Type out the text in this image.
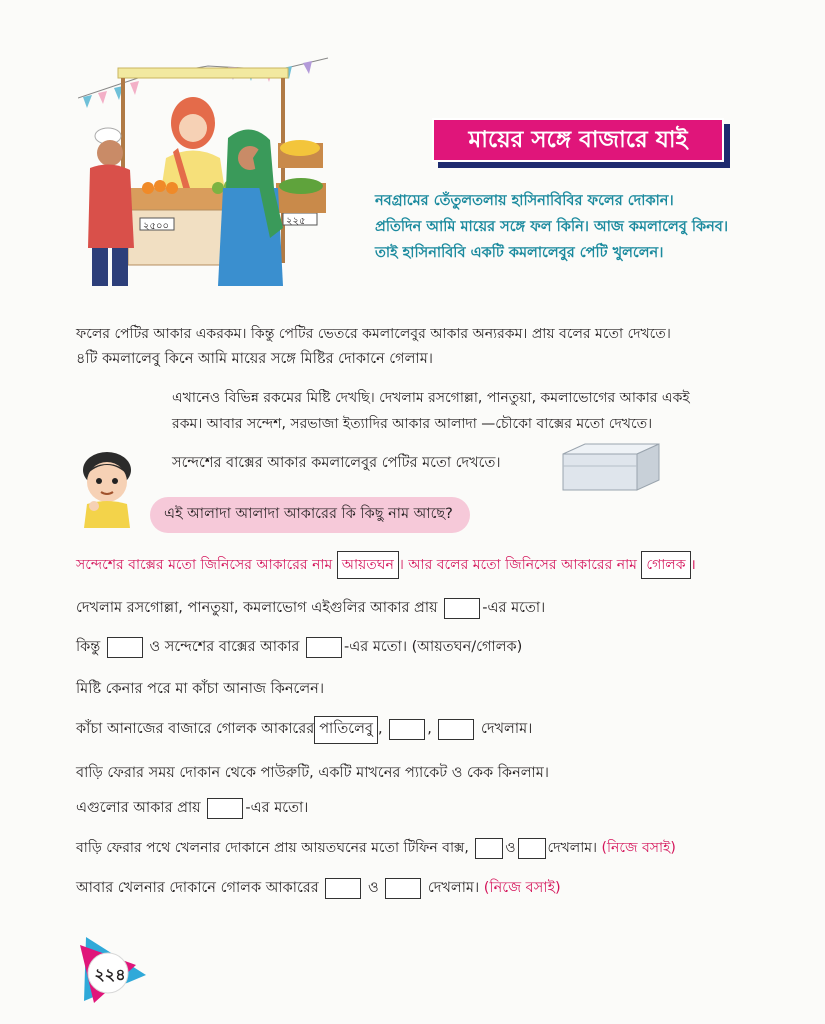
২৫০০	২২৫
মায়ের সঙ্গে বাজারে যাই
নবগ্রামের তেঁতুলতলায় হাসিনাবিবির ফলের দোকান।
প্রতিদিন আমি মায়ের সঙ্গে ফল কিনি। আজ কমলালেবু কিনব।
তাই হাসিনাবিবি একটি কমলালেবুর পেটি খুললেন।
ফলের পেটির আকার একরকম। কিন্তু পেটির ভেতরে কমলালেবুর আকার অন্যরকম। প্রায় বলের মতো দেখতে।
৪টি কমলালেবু কিনে আমি মায়ের সঙ্গে মিষ্টির দোকানে গেলাম।
এখানেও বিভিন্ন রকমের মিষ্টি দেখছি। দেখলাম রসগোল্লা, পানতুয়া, কমলাভোগের আকার একই
রকম। আবার সন্দেশ, সরভাজা ইত্যাদির আকার আলাদা —চৌকো বাক্সের মতো দেখতে।
সন্দেশের বাক্সের আকার কমলালেবুর পেটির মতো দেখতে।
এই আলাদা আলাদা আকারের কি কিছু নাম আছে?
সন্দেশের বাক্সের মতো জিনিসের আকারের নাম আয়তঘন । আর বলের মতো জিনিসের আকারের নাম গোলক ।
দেখলাম রসগোল্লা, পানতুয়া, কমলাভোগ এইগুলির আকার প্রায়	-এর মতো।
কিন্তু	ও সন্দেশের বাক্সের আকার	-এর মতো। (আয়তঘন/গোলক)
মিষ্টি কেনার পরে মা কাঁচা আনাজ কিনলেন।
কাঁচা আনাজের বাজারে গোলক আকারের পাতিলেবু ,	,	দেখলাম।
বাড়ি ফেরার সময় দোকান থেকে পাউরুটি, একটি মাখনের প্যাকেট ও কেক কিনলাম।
এগুলোর আকার প্রায়	-এর মতো।
বাড়ি ফেরার পথে খেলনার দোকানে প্রায় আয়তঘনের মতো টিফিন বাক্স,	ও দেখলাম। (নিজে বসাই)
আবার খেলনার দোকানে গোলক আকারের	ও	দেখলাম। (নিজে বসাই)
২২৪
